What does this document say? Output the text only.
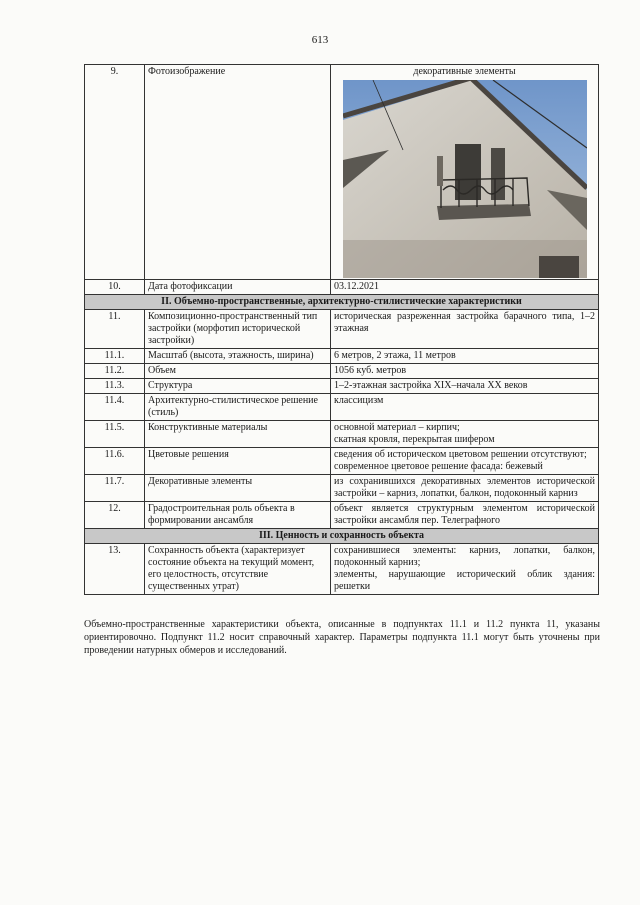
613
9.	Фотоизображение	декоративные элементы

10.	Дата фотофиксации	03.12.2021
II. Объемно-пространственные, архитектурно-стилистические характеристики		
11.	Композиционно-пространственный тип застройки (морфотип исторической застройки)	историческая разреженная застройка барачного типа, 1–2 этажная
11.1.	Масштаб (высота, этажность, ширина)	6 метров, 2 этажа, 11 метров
11.2.	Объем	1056 куб. метров
11.3.	Структура	1–2-этажная застройка XIX–начала XX веков
11.4.	Архитектурно-стилистическое решение (стиль)	классицизм
11.5.	Конструктивные материалы	основной материал – кирпич;
скатная кровля, перекрытая шифером

11.6.	Цветовые решения	сведения об историческом цветовом решении отсутствуют;
современное цветовое решение фасада: бежевый

11.7.	Декоративные элементы	из сохранившихся декоративных элементов исторической застройки – карниз, лопатки, балкон, подоконный карниз
12.	Градостроительная роль объекта в формировании ансамбля	объект является структурным элементом исторической застройки ансамбля пер. Телеграфного
III. Ценность и сохранность объекта		
13.	Сохранность объекта (характеризует состояние объекта на текущий момент, его целостность, отсутствие существенных утрат)	сохранившиеся элементы: карниз, лопатки, балкон, подоконный карниз;
элементы, нарушающие исторический облик здания: решетки

Объемно-пространственные характеристики объекта, описанные в подпунктах 11.1 и 11.2 пункта 11, указаны ориентировочно. Подпункт 11.2 носит справочный характер. Параметры подпункта 11.1 могут быть уточнены при проведении натурных обмеров и исследований.
